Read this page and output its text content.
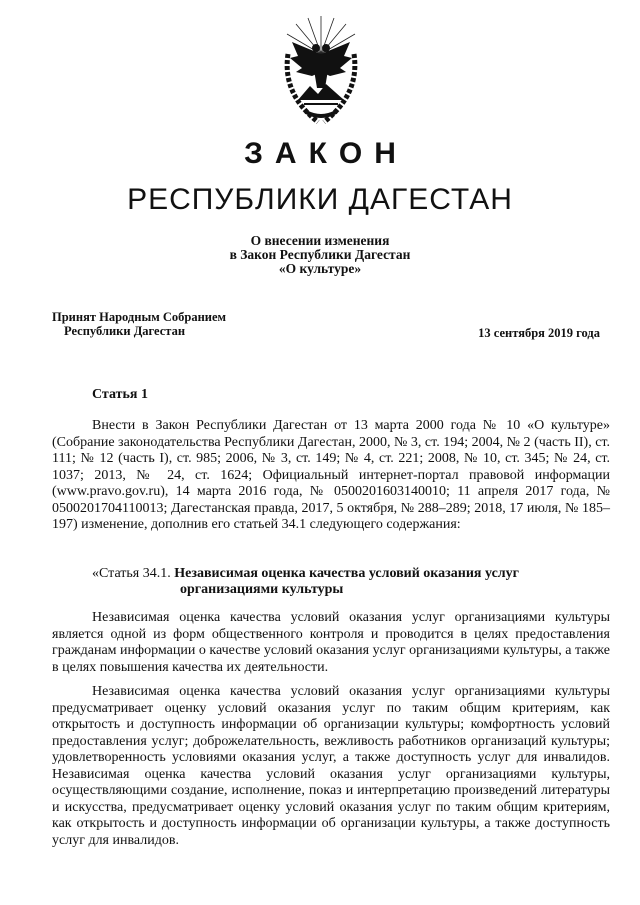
ЗАКОН
РЕСПУБЛИКИ ДАГЕСТАН
О внесении изменения
в Закон Республики Дагестан
«О культуре»
Принят Народным Собранием
Республики Дагестан	13 сентября 2019 года
Статья 1
Внести в Закон Республики Дагестан от 13 марта 2000 года № 10 «О культуре» (Собрание законодательства Республики Дагестан, 2000, № 3, ст. 194; 2004, № 2 (часть II), ст. 111; № 12 (часть I), ст. 985; 2006, № 3, ст. 149; № 4, ст. 221; 2008, № 10, ст. 345; № 24, ст. 1037; 2013, № 24, ст. 1624; Официальный интернет-портал правовой информации (www.pravo.gov.ru), 14 марта 2016 года, № 0500201603140010; 11 апреля 2017 года, № 0500201704110013; Дагестанская правда, 2017, 5 октября, № 288–289; 2018, 17 июля, № 185–197) изменение, дополнив его статьей 34.1 следующего содержания:
«Статья 34.1. Независимая оценка качества условий оказания услуг
организациями культуры
Независимая оценка качества условий оказания услуг организациями культуры является одной из форм общественного контроля и проводится в целях предоставления гражданам информации о качестве условий оказания услуг организациями культуры, а также в целях повышения качества их деятельности.
Независимая оценка качества условий оказания услуг организациями культуры предусматривает оценку условий оказания услуг по таким общим критериям, как открытость и доступность информации об организации культуры; комфортность условий предоставления услуг; доброжелательность, вежливость работников организаций культуры; удовлетворенность условиями оказания услуг, а также доступность услуг для инвалидов. Независимая оценка качества условий оказания услуг организациями культуры, осуществляющими создание, исполнение, показ и интерпретацию произведений литературы и искусства, предусматривает оценку условий оказания услуг по таким общим критериям, как открытость и доступность информации об организации культуры, а также доступность услуг для инвалидов.
